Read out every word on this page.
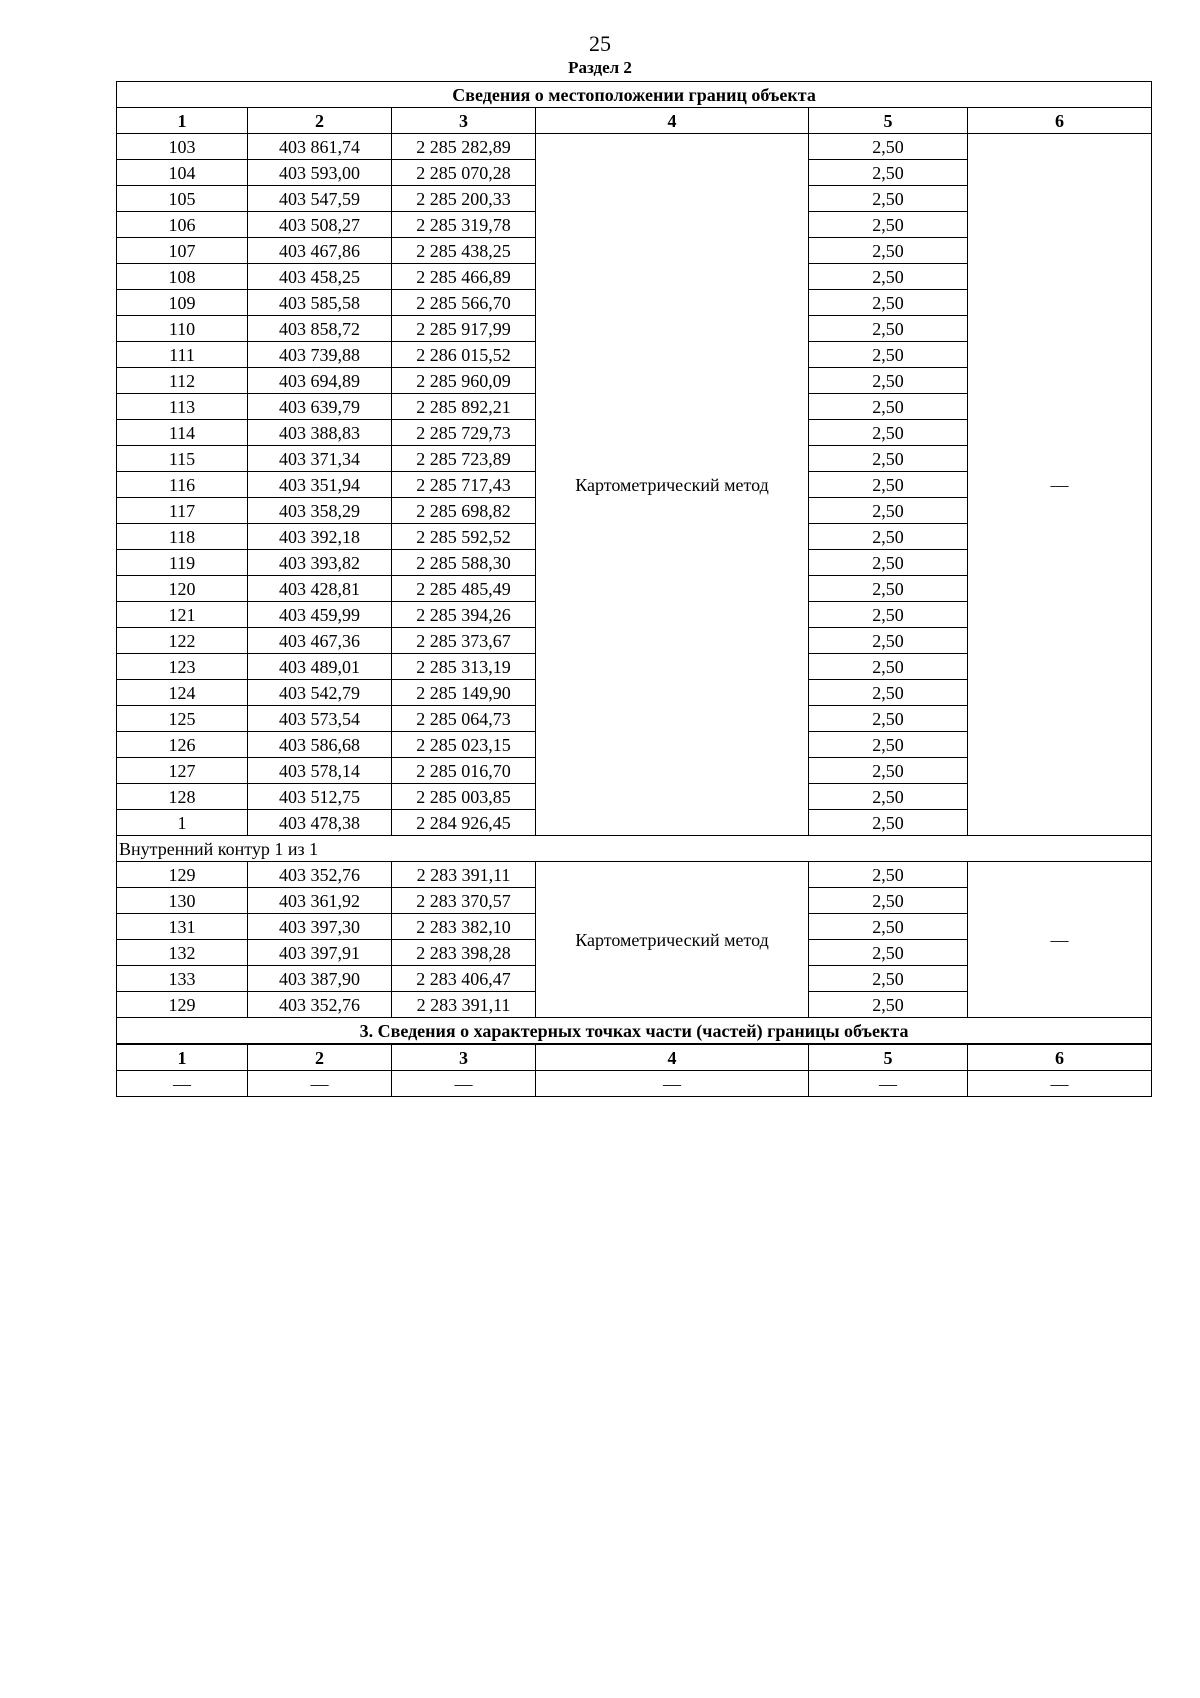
25
Раздел 2
Сведения о местоположении границ объекта					
1	2	3	4	5	6
103	403 861,74	2 285 282,89	Картометрический метод	2,50	—
104	403 593,00	2 285 070,28		2,50	
105	403 547,59	2 285 200,33		2,50	
106	403 508,27	2 285 319,78		2,50	
107	403 467,86	2 285 438,25		2,50	
108	403 458,25	2 285 466,89		2,50	
109	403 585,58	2 285 566,70		2,50	
110	403 858,72	2 285 917,99		2,50	
111	403 739,88	2 286 015,52		2,50	
112	403 694,89	2 285 960,09		2,50	
113	403 639,79	2 285 892,21		2,50	
114	403 388,83	2 285 729,73		2,50	
115	403 371,34	2 285 723,89		2,50	
116	403 351,94	2 285 717,43		2,50	
117	403 358,29	2 285 698,82		2,50	
118	403 392,18	2 285 592,52		2,50	
119	403 393,82	2 285 588,30		2,50	
120	403 428,81	2 285 485,49		2,50	
121	403 459,99	2 285 394,26		2,50	
122	403 467,36	2 285 373,67		2,50	
123	403 489,01	2 285 313,19		2,50	
124	403 542,79	2 285 149,90		2,50	
125	403 573,54	2 285 064,73		2,50	
126	403 586,68	2 285 023,15		2,50	
127	403 578,14	2 285 016,70		2,50	
128	403 512,75	2 285 003,85		2,50	
1	403 478,38	2 284 926,45		2,50	
Внутренний контур 1 из 1					
129	403 352,76	2 283 391,11	Картометрический метод	2,50	—
130	403 361,92	2 283 370,57		2,50	
131	403 397,30	2 283 382,10		2,50	
132	403 397,91	2 283 398,28		2,50	
133	403 387,90	2 283 406,47		2,50	
129	403 352,76	2 283 391,11		2,50	
3. Сведения о характерных точках части (частей) границы объекта					
1	2	3	4	5	6
—	—	—	—	—	—
